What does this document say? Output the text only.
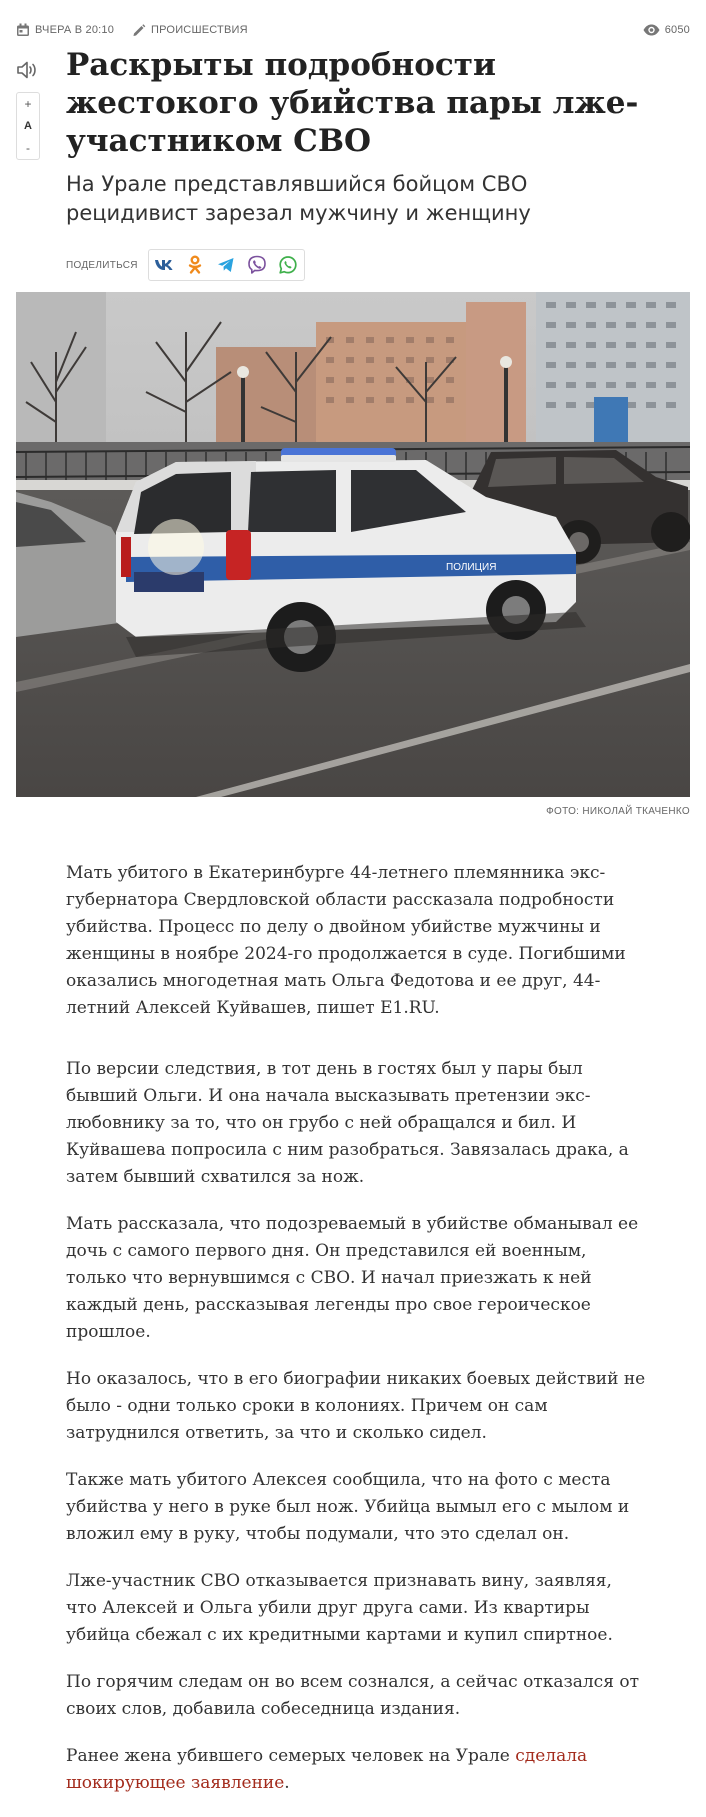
ВЧЕРА В 20:10	ПРОИСШЕСТВИЯ	6050
+
A
-
Раскрыты подробности жестокого убийства пары лже-участником СВО

На Урале представлявшийся бойцом СВО рецидивист зарезал мужчину и женщину

ПОДЕЛИТЬСЯ
ПОЛИЦИЯ
ФОТО: НИКОЛАЙ ТКАЧЕНКО

Мать убитого в Екатеринбурге 44-летнего племянника экс-губернатора Свердловской области рассказала подробности убийства. Процесс по делу о двойном убийстве мужчины и женщины в ноябре 2024-го продолжается в суде. Погибшими оказались многодетная мать Ольга Федотова и ее друг, 44-летний Алексей Куйвашев, пишет E1.RU.

По версии следствия, в тот день в гостях был у пары был бывший Ольги. И она начала высказывать претензии экс-любовнику за то, что он грубо с ней обращался и бил. И Куйвашева попросила с ним разобраться. Завязалась драка, а затем бывший схватился за нож.

Мать рассказала, что подозреваемый в убийстве обманывал ее дочь с самого первого дня. Он представился ей военным, только что вернувшимся с СВО. И начал приезжать к ней каждый день, рассказывая легенды про свое героическое прошлое.

Но оказалось, что в его биографии никаких боевых действий не было - одни только сроки в колониях. Причем он сам затруднился ответить, за что и сколько сидел.

Также мать убитого Алексея сообщила, что на фото с места убийства у него в руке был нож. Убийца вымыл его с мылом и вложил ему в руку, чтобы подумали, что это сделал он.

Лже-участник СВО отказывается признавать вину, заявляя, что Алексей и Ольга убили друг друга сами. Из квартиры убийца сбежал с их кредитными картами и купил спиртное.

По горячим следам он во всем сознался, а сейчас отказался от своих слов, добавила собеседница издания.

Ранее жена убившего семерых человек на Урале сделала шокирующее заявление.
